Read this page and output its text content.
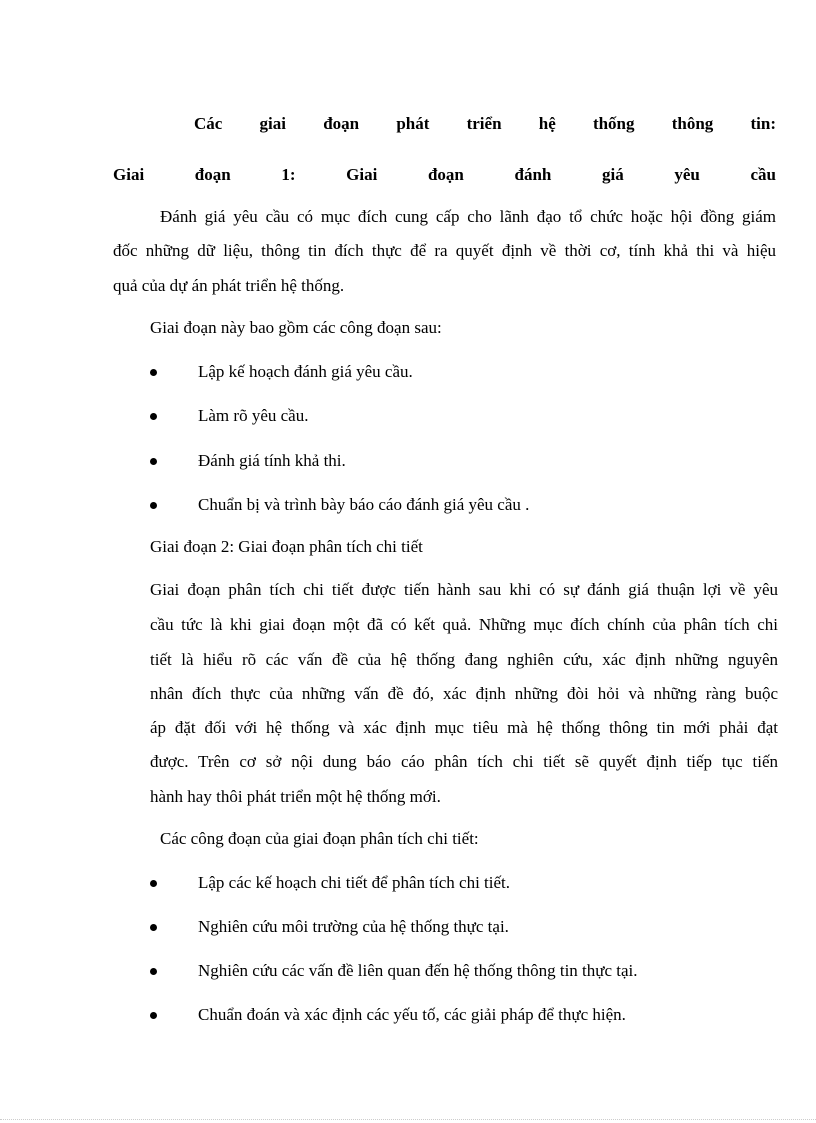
Các giai đoạn phát triển hệ thống thông tin:
Giai	đoạn	1:	Giai	đoạn	đánh	giá	yêu	cầu
Đánh giá yêu cầu có mục đích cung cấp cho lãnh đạo tổ chức hoặc hội đồng giám
đốc những dữ liệu, thông tin đích thực để ra quyết định về thời cơ, tính khả thi và hiệu
quả của dự án phát triển hệ thống.
Giai đoạn này bao gồm các công đoạn sau:
Lập kế hoạch đánh giá yêu cầu.
Làm rõ yêu cầu.
Đánh giá tính khả thi.
Chuẩn bị và trình bày báo cáo đánh giá yêu cầu .
Giai đoạn 2: Giai đoạn phân tích chi tiết
Giai đoạn phân tích chi tiết được tiến hành sau khi có sự đánh giá thuận lợi về yêu
cầu tức là khi giai đoạn một đã có kết quả. Những mục đích chính của phân tích chi
tiết là hiểu rõ các vấn đề của hệ thống đang nghiên cứu, xác định những nguyên
nhân đích thực của những vấn đề đó, xác định những đòi hỏi và những ràng buộc
áp đặt đối với hệ thống và xác định mục tiêu mà hệ thống thông tin mới phải đạt
được. Trên cơ sở nội dung báo cáo phân tích chi tiết sẽ quyết định tiếp tục tiến
hành hay thôi phát triển một hệ thống mới.
Các công đoạn của giai đoạn phân tích chi tiết:
Lập các kế hoạch chi tiết để phân tích chi tiết.
Nghiên cứu môi trường của hệ thống thực tại.
Nghiên cứu các vấn đề liên quan đến hệ thống thông tin thực tại.
Chuẩn đoán và xác định các yếu tố, các giải pháp để thực hiện.
